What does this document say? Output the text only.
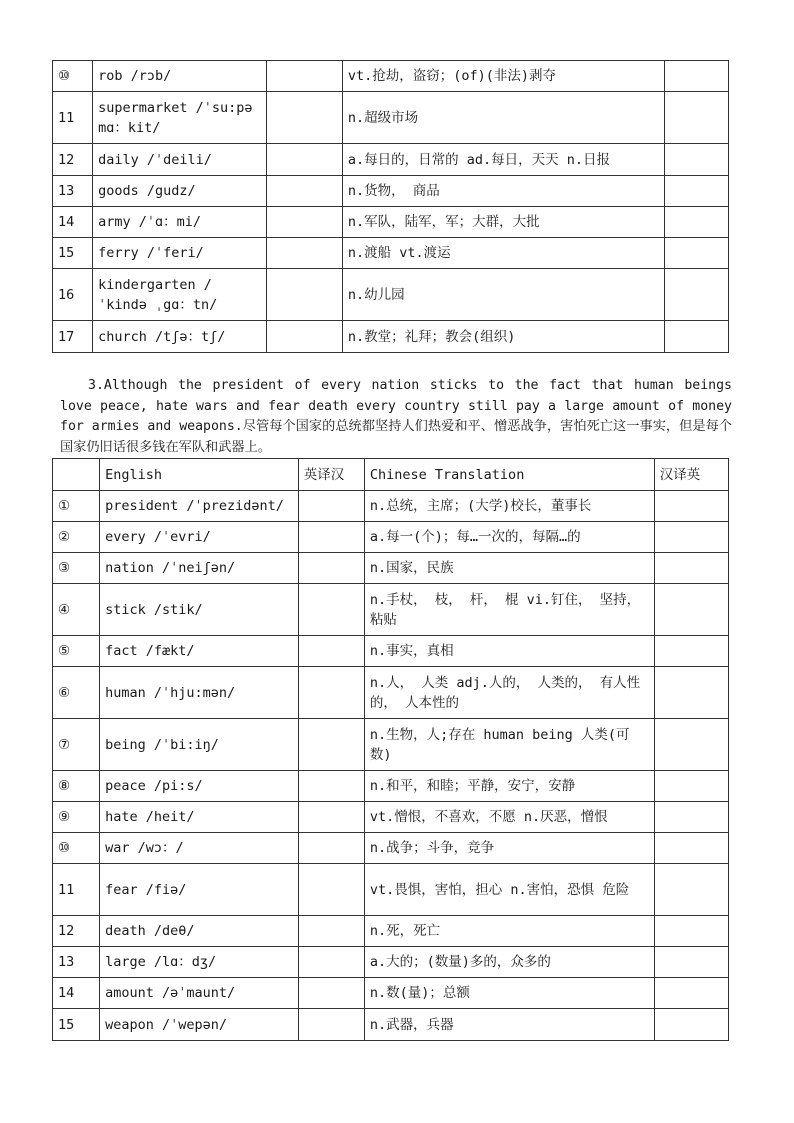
⑩	rob /rɔb/		vt.抢劫，盗窃；(of)(非法)剥夺	
11	supermarket /ˈsu:pə mɑ：kit/		n.超级市场	
12	daily /ˈdeili/		a.每日的，日常的 ad.每日，天天 n.日报	
13	goods /gudz/		n.货物， 商品	
14	army /ˈɑ：mi/		n.军队，陆军，军；大群，大批	
15	ferry /ˈferi/		n.渡船 vt.渡运	
16	kindergarten /ˈkində ˌgɑ：tn/		n.幼儿园	
17	church /tʃə：tʃ/		n.教堂；礼拜；教会(组织)	

3.Although the president of every nation sticks to the fact that human beings love peace, hate wars and fear death every country still pay a large amount of money for armies and weapons.尽管每个国家的总统都坚持人们热爱和平、憎恶战争，害怕死亡这一事实，但是每个国家仍旧话很多钱在军队和武器上。

	English	英译汉	Chinese Translation	汉译英
①	president /ˈprezidənt/		n.总统，主席；(大学)校长，董事长	
②	every /ˈevri/		a.每一(个)；每…一次的，每隔…的	
③	nation /ˈneiʃən/		n.国家，民族	
④	stick /stik/		n.手杖， 枝， 杆， 棍 vi.钉住， 坚持，粘贴	
⑤	fact /fækt/		n.事实，真相	
⑥	human /ˈhju:mən/		n.人， 人类 adj.人的， 人类的， 有人性的， 人本性的	
⑦	being /ˈbi:iŋ/		n.生物，人;存在 human being 人类(可数)	
⑧	peace /pi:s/		n.和平，和睦；平静，安宁，安静	
⑨	hate /heit/		vt.憎恨，不喜欢，不愿 n.厌恶，憎恨	
⑩	war /wɔ：/		n.战争；斗争，竞争	
11	fear /fiə/		vt.畏惧，害怕，担心 n.害怕，恐惧 危险	
12	death /deθ/		n.死，死亡	
13	large /lɑ：dʒ/		a.大的；(数量)多的，众多的	
14	amount /əˈmaunt/		n.数(量)；总额	
15	weapon /ˈwepən/		n.武器，兵器	
